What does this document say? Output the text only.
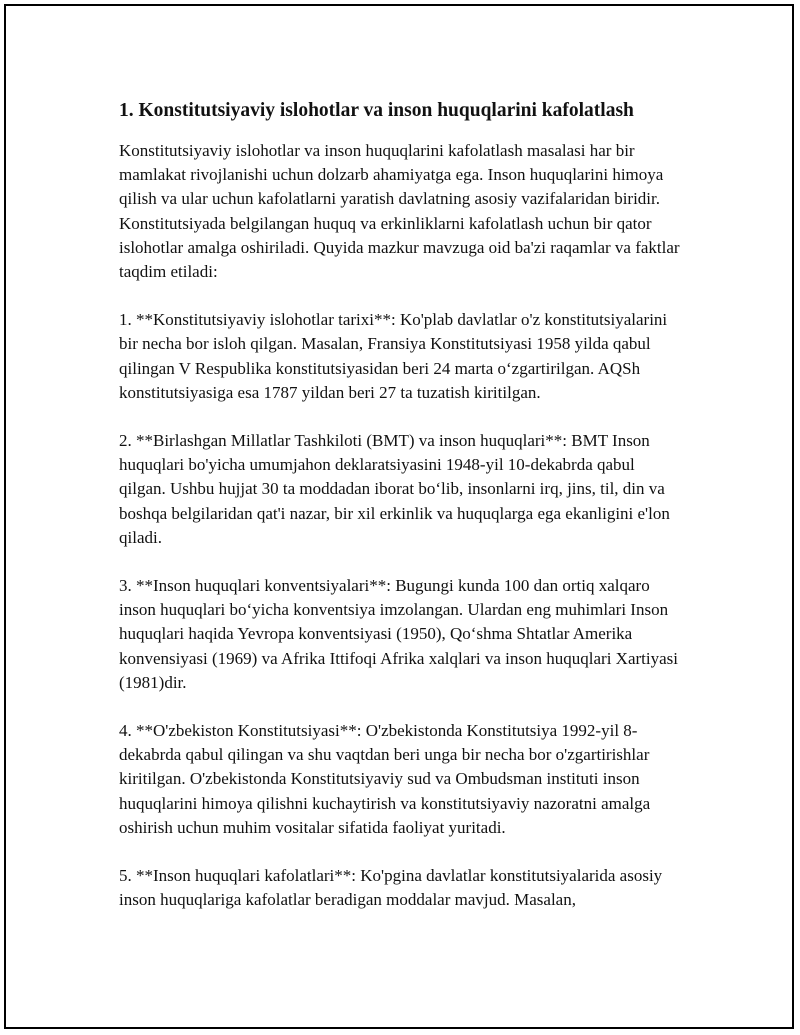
1. Konstitutsiyaviy islohotlar va inson huquqlarini kafolatlash

Konstitutsiyaviy islohotlar va inson huquqlarini kafolatlash masalasi har bir mamlakat rivojlanishi uchun dolzarb ahamiyatga ega. Inson huquqlarini himoya qilish va ular uchun kafolatlarni yaratish davlatning asosiy vazifalaridan biridir. Konstitutsiyada belgilangan huquq va erkinliklarni kafolatlash uchun bir qator islohotlar amalga oshiriladi. Quyida mazkur mavzuga oid ba'zi raqamlar va faktlar taqdim etiladi:

1. **Konstitutsiyaviy islohotlar tarixi**: Ko'plab davlatlar o'z konstitutsiyalarini bir necha bor isloh qilgan. Masalan, Fransiya Konstitutsiyasi 1958 yilda qabul qilingan V Respublika konstitutsiyasidan beri 24 marta o‘zgartirilgan. AQSh konstitutsiyasiga esa 1787 yildan beri 27 ta tuzatish kiritilgan.

2. **Birlashgan Millatlar Tashkiloti (BMT) va inson huquqlari**: BMT Inson huquqlari bo'yicha umumjahon deklaratsiyasini 1948-yil 10-dekabrda qabul qilgan. Ushbu hujjat 30 ta moddadan iborat bo‘lib, insonlarni irq, jins, til, din va boshqa belgilaridan qat'i nazar, bir xil erkinlik va huquqlarga ega ekanligini e'lon qiladi.

3. **Inson huquqlari konventsiyalari**: Bugungi kunda 100 dan ortiq xalqaro inson huquqlari bo‘yicha konventsiya imzolangan. Ulardan eng muhimlari Inson huquqlari haqida Yevropa konventsiyasi (1950), Qo‘shma Shtatlar Amerika konvensiyasi (1969) va Afrika Ittifoqi Afrika xalqlari va inson huquqlari Xartiyasi (1981)dir.

4. **O'zbekiston Konstitutsiyasi**: O'zbekistonda Konstitutsiya 1992-yil 8-dekabrda qabul qilingan va shu vaqtdan beri unga bir necha bor o'zgartirishlar kiritilgan. O'zbekistonda Konstitutsiyaviy sud va Ombudsman instituti inson huquqlarini himoya qilishni kuchaytirish va konstitutsiyaviy nazoratni amalga oshirish uchun muhim vositalar sifatida faoliyat yuritadi.

5. **Inson huquqlari kafolatlari**: Ko'pgina davlatlar konstitutsiyalarida asosiy inson huquqlariga kafolatlar beradigan moddalar mavjud. Masalan,
